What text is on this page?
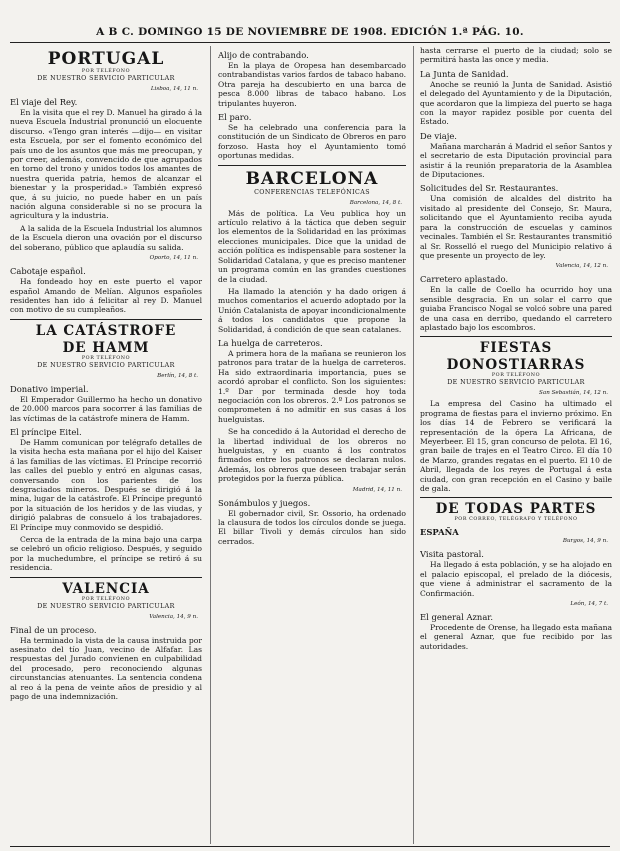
A B C. DOMINGO 15 DE NOVIEMBRE DE 1908. EDICIÓN 1.ª PÁG. 10.

PORTUGAL

POR TELÉFONO

DE NUESTRO SERVICIO PARTICULAR

Lisboa, 14, 11 n.

El viaje del Rey.

En la visita que el rey D. Manuel ha girado á la nueva Escuela Industrial pronunció un elocuente discurso. «Tengo gran interés —dijo— en visitar esta Escuela, por ser el fomento económico del país uno de los asuntos que más me preocupan, y por creer, además, convencido de que agrupados en torno del trono y unidos todos los amantes de nuestra querida patria, hemos de alcanzar el bienestar y la prosperidad.» También expresó que, á su juicio, no puede haber en un país nación alguna considerable si no se procura la agricultura y la industria.

A la salida de la Escuela Industrial los alumnos de la Escuela dieron una ovación por el discurso del soberano, público que aplaudía su salida.

Oporto, 14, 11 n.

Cabotaje español.

Ha fondeado hoy en este puerto el vapor español Amando de Melían. Algunos españoles residentes han ido á felicitar al rey D. Manuel con motivo de su cumpleaños.

LA CATÁSTROFE

DE HAMM

POR TELÉFONO

DE NUESTRO SERVICIO PARTICULAR

Berlín, 14, 8 t.

Donativo imperial.

El Emperador Guillermo ha hecho un donativo de 20.000 marcos para socorrer á las familias de las víctimas de la catástrofe minera de Hamm.

El príncipe Eitel.

De Hamm comunican por telégrafo detalles de la visita hecha esta mañana por el hijo del Kaiser á las familias de las víctimas. El Príncipe recorrió las calles del pueblo y entró en algunas casas, conversando con los parientes de los desgraciados mineros. Después se dirigió á la mina, lugar de la catástrofe. El Príncipe preguntó por la situación de los heridos y de las viudas, y dirigió palabras de consuelo á los trabajadores. El Príncipe muy conmovido se despidió.

Cerca de la entrada de la mina bajo una carpa se celebró un oficio religioso. Después, y seguido por la muchedumbre, el príncipe se retiró á su residencia.

VALENCIA

POR TELÉFONO

DE NUESTRO SERVICIO PARTICULAR

Valencia, 14, 9 n.

Final de un proceso.

Ha terminado la vista de la causa instruida por asesinato del tío Juan, vecino de Alfafar. Las respuestas del Jurado convienen en culpabilidad del procesado, pero reconociendo algunas circunstancias atenuantes. La sentencia condena al reo á la pena de veinte años de presidio y al pago de una indemnización.

Alijo de contrabando.

En la playa de Oropesa han desembarcado contrabandistas varios fardos de tabaco habano. Otra pareja ha descubierto en una barca de pesca 8.000 libras de tabaco habano. Los tripulantes huyeron.

El paro.

Se ha celebrado una conferencia para la constitución de un Sindicato de Obreros en paro forzoso. Hasta hoy el Ayuntamiento tomó oportunas medidas.

BARCELONA

CONFERENCIAS TELEFÓNICAS

Barcelona, 14, 8 t.

Más de política. La Veu publica hoy un artículo relativo á la táctica que deben seguir los elementos de la Solidaridad en las próximas elecciones municipales. Dice que la unidad de acción política es indispensable para sostener la Solidaridad Catalana, y que es preciso mantener un programa común en las grandes cuestiones de la ciudad.

Ha llamado la atención y ha dado origen á muchos comentarios el acuerdo adoptado por la Unión Catalanista de apoyar incondicionalmente á todos los candidatos que propone la Solidaridad, á condición de que sean catalanes.

La huelga de carreteros.

A primera hora de la mañana se reunieron los patronos para tratar de la huelga de carreteros. Ha sido extraordinaria importancia, pues se acordó aprobar el conflicto. Son los siguientes: 1.º Dar por terminada desde hoy toda negociación con los obreros. 2.º Los patronos se comprometen á no admitir en sus casas á los huelguistas.

Se ha concedido á la Autoridad el derecho de la libertad individual de los obreros no huelguistas, y en cuanto á los contratos firmados entre los patronos se declaran nulos. Además, los obreros que deseen trabajar serán protegidos por la fuerza pública.

Madrid, 14, 11 n.

Sonámbulos y juegos.

El gobernador civil, Sr. Ossorio, ha ordenado la clausura de todos los círculos donde se juega. El billar Tivoli y demás círculos han sido cerrados.

hasta cerrarse el puerto de la ciudad; solo se permitirá hasta las once y media.

La Junta de Sanidad.

Anoche se reunió la Junta de Sanidad. Asistió el delegado del Ayuntamiento y de la Diputación, que acordaron que la limpieza del puerto se haga con la mayor rapidez posible por cuenta del Estado.

De viaje.

Mañana marcharán á Madrid el señor Santos y el secretario de esta Diputación provincial para asistir á la reunión preparatoria de la Asamblea de Diputaciones.

Solicitudes del Sr. Restaurantes.

Una comisión de alcaldes del distrito ha visitado al presidente del Consejo, Sr. Maura, solicitando que el Ayuntamiento reciba ayuda para la construcción de escuelas y caminos vecinales. También el Sr. Restaurantes transmitió al Sr. Rosselló el ruego del Municipio relativo á que presente un proyecto de ley.

Valencia, 14, 12 n.

Carretero aplastado.

En la calle de Coello ha ocurrido hoy una sensible desgracia. En un solar el carro que guiaba Francisco Nogal se volcó sobre una pared de una casa en derribo, quedando el carretero aplastado bajo los escombros.

FIESTAS

DONOSTIARRAS

POR TELÉFONO

DE NUESTRO SERVICIO PARTICULAR

San Sebastián, 14, 12 n.

La empresa del Casino ha ultimado el programa de fiestas para el invierno próximo. En los días 14 de Febrero se verificará la representación de la ópera La Africana, de Meyerbeer. El 15, gran concurso de pelota. El 16, gran baile de trajes en el Teatro Circo. El día 10 de Marzo, grandes regatas en el puerto. El 10 de Abril, llegada de los reyes de Portugal á esta ciudad, con gran recepción en el Casino y baile de gala.

DE TODAS PARTES

POR CORREO, TELÉGRAFO Y TELÉFONO

ESPAÑA

Burgos, 14, 9 n.

Visita pastoral.

Ha llegado á esta población, y se ha alojado en el palacio episcopal, el prelado de la diócesis, que viene á administrar el sacramento de la Confirmación.

León, 14, 7 t.

El general Aznar.

Procedente de Orense, ha llegado esta mañana el general Aznar, que fue recibido por las autoridades.
